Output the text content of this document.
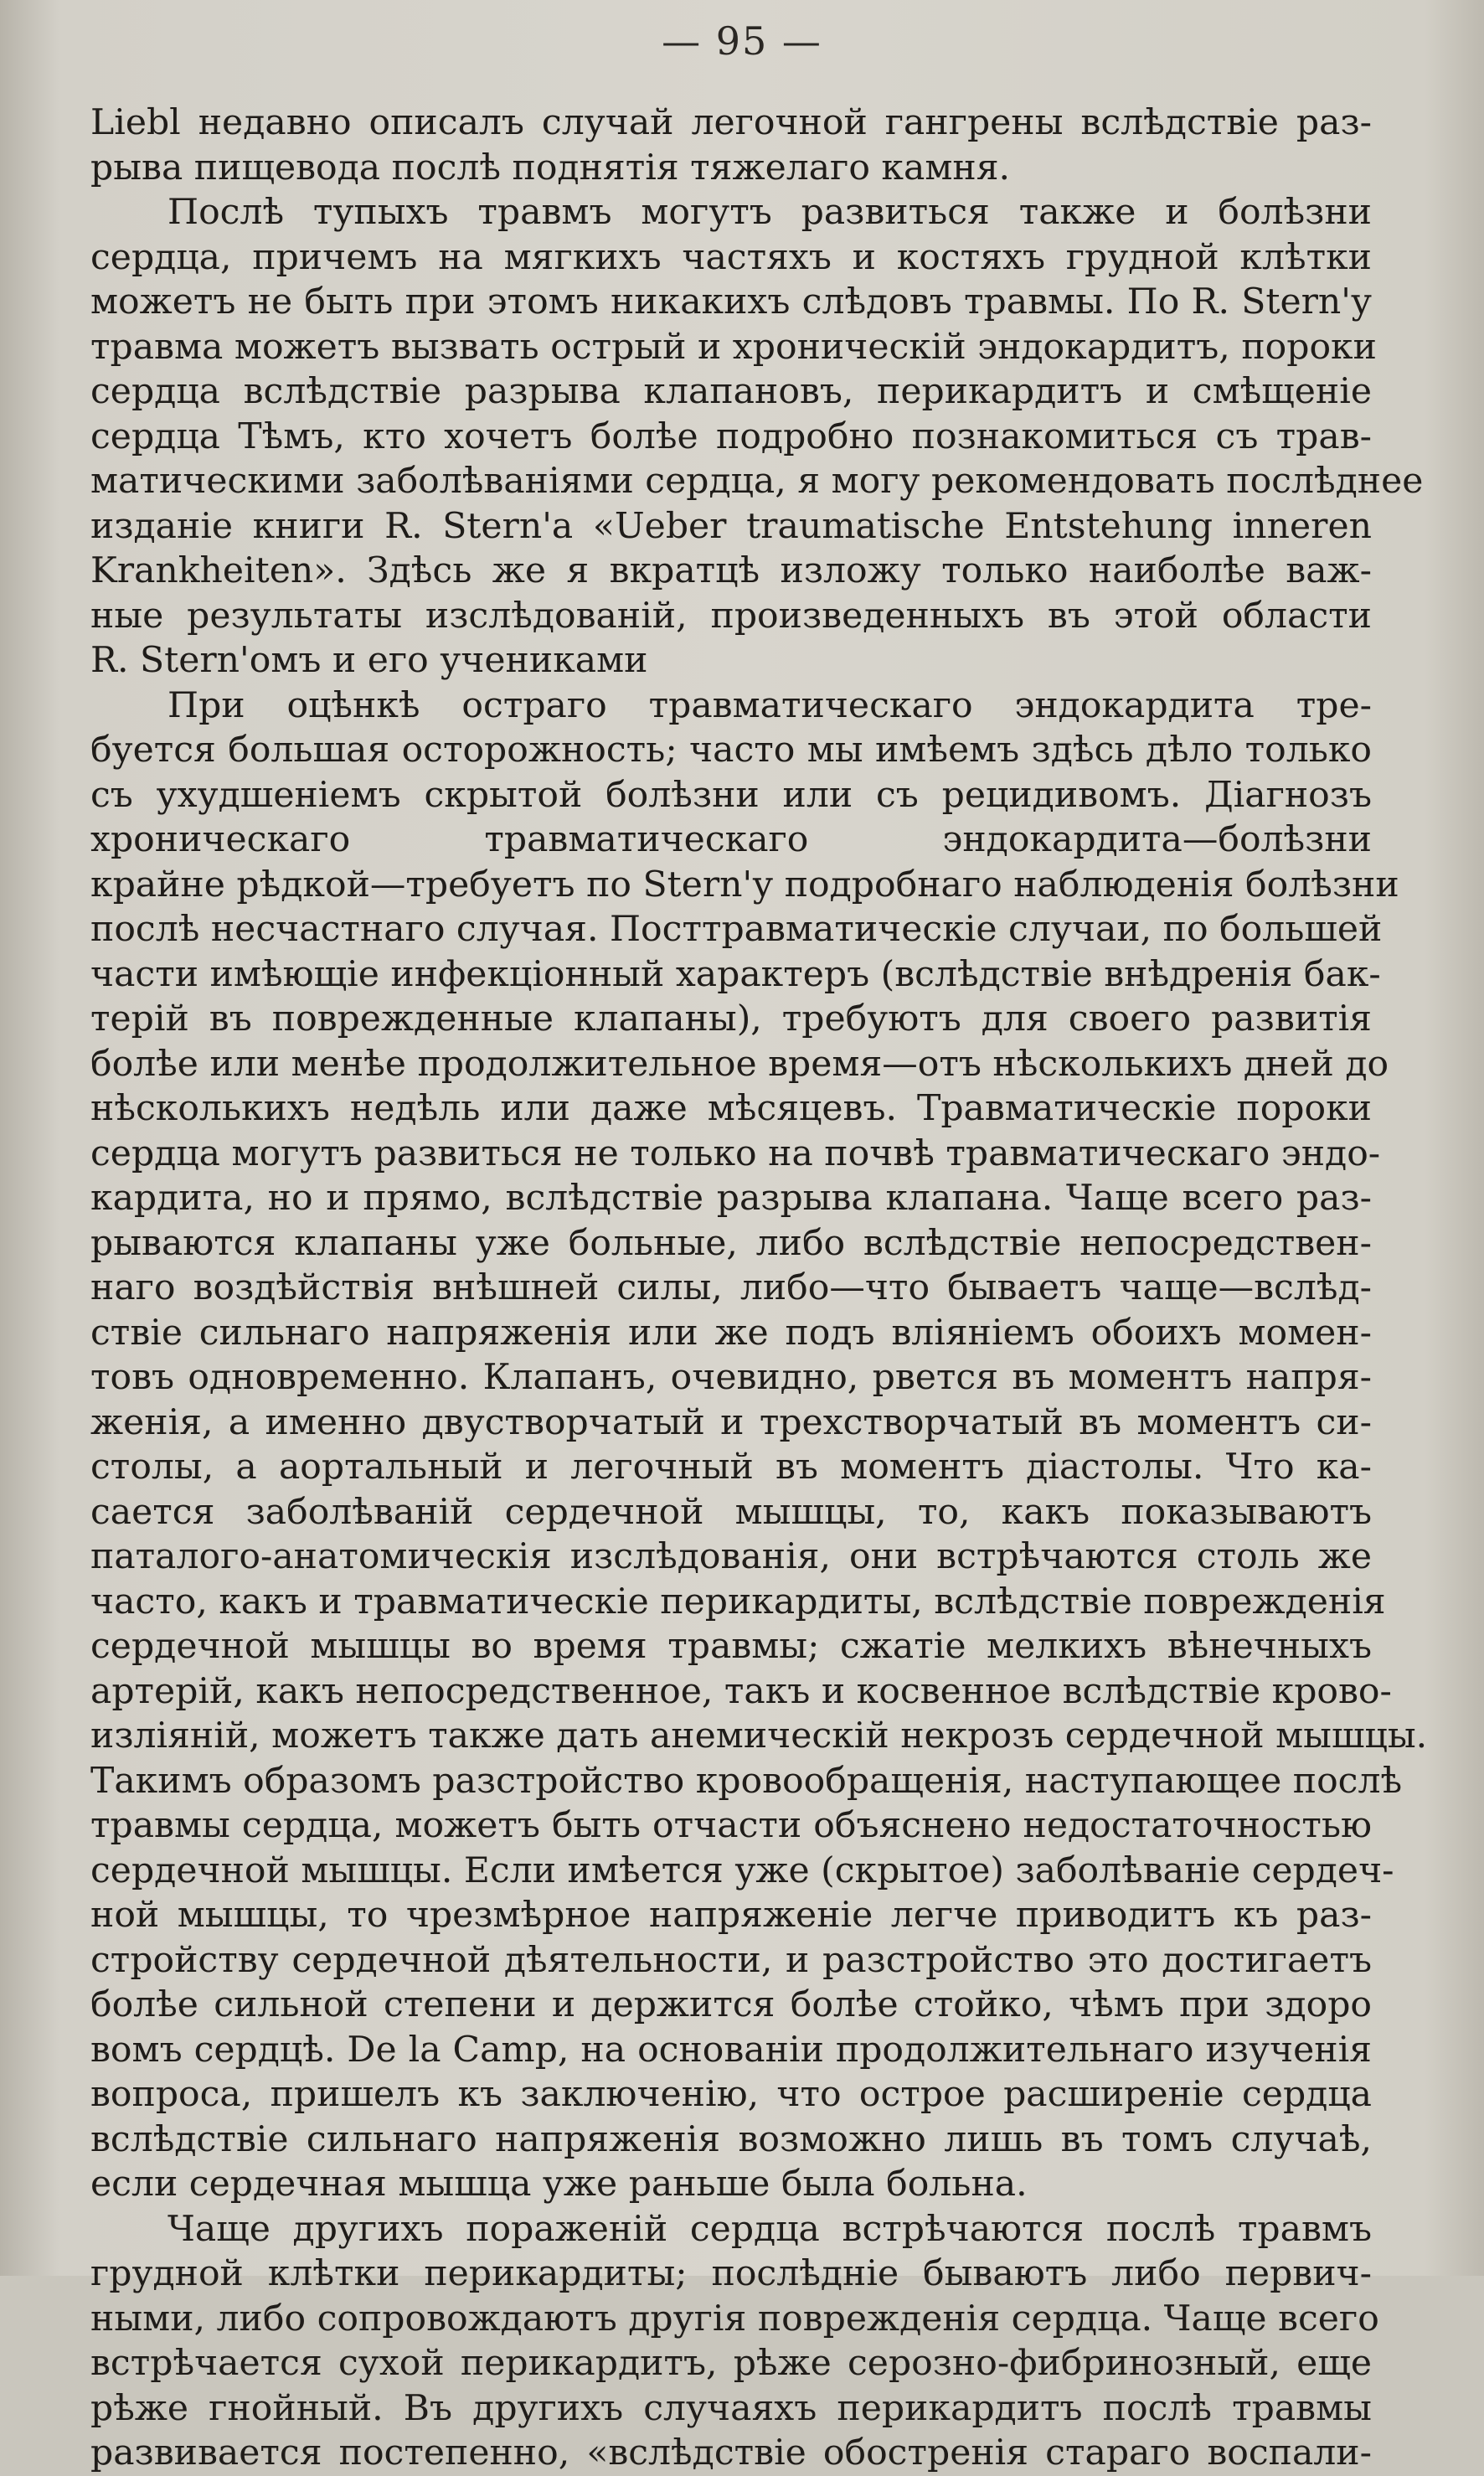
— 95 —
Liebl недавно описалъ случай легочной гангрены вслѣдствіе раз-
рыва пищевода послѣ поднятія тяжелаго камня.
Послѣ тупыхъ травмъ могутъ развиться также и болѣзни
сердца, причемъ на мягкихъ частяхъ и костяхъ грудной клѣтки
можетъ не быть при этомъ никакихъ слѣдовъ травмы. По R. Stern'у
травма можетъ вызвать острый и хроническій эндокардитъ, пороки
сердца вслѣдствіе разрыва клапановъ, перикардитъ и смѣщеніе
сердца Тѣмъ, кто хочетъ болѣе подробно познакомиться съ трав-
матическими заболѣваніями сердца, я могу рекомендовать послѣднее
изданіе книги R. Stern'a «Ueber traumatische Entstehung inneren
Krankheiten». Здѣсь же я вкратцѣ изложу только наиболѣе важ-
ные результаты изслѣдованій, произведенныхъ въ этой области
R. Stern'омъ и его учениками
При оцѣнкѣ остраго травматическаго эндокардита тре-
буется большая осторожность; часто мы имѣемъ здѣсь дѣло только
съ ухудшеніемъ скрытой болѣзни или съ рецидивомъ. Діагнозъ
хроническаго травматическаго эндокардита—болѣзни
крайне рѣдкой—требуетъ по Stern'у подробнаго наблюденія болѣзни
послѣ несчастнаго случая. Посттравматическіе случаи, по большей
части имѣющіе инфекціонный характеръ (вслѣдствіе внѣдренія бак-
терій въ поврежденные клапаны), требуютъ для своего развитія
болѣе или менѣе продолжительное время—отъ нѣсколькихъ дней до
нѣсколькихъ недѣль или даже мѣсяцевъ. Травматическіе пороки
сердца могутъ развиться не только на почвѣ травматическаго эндо-
кардита, но и прямо, вслѣдствіе разрыва клапана. Чаще всего раз-
рываются клапаны уже больные, либо вслѣдствіе непосредствен-
наго воздѣйствія внѣшней силы, либо—что бываетъ чаще—вслѣд-
ствіе сильнаго напряженія или же подъ вліяніемъ обоихъ момен-
товъ одновременно. Клапанъ, очевидно, рвется въ моментъ напря-
женія, а именно двустворчатый и трехстворчатый въ моментъ си-
столы, а аортальный и легочный въ моментъ діастолы. Что ка-
сается заболѣваній сердечной мышцы, то, какъ показываютъ
паталого-анатомическія изслѣдованія, они встрѣчаются столь же
часто, какъ и травматическіе перикардиты, вслѣдствіе поврежденія
сердечной мышцы во время травмы; сжатіе мелкихъ вѣнечныхъ
артерій, какъ непосредственное, такъ и косвенное вслѣдствіе крово-
изліяній, можетъ также дать анемическій некрозъ сердечной мышцы.
Такимъ образомъ разстройство кровообращенія, наступающее послѣ
травмы сердца, можетъ быть отчасти объяснено недостаточностью
сердечной мышцы. Если имѣется уже (скрытое) заболѣваніе сердеч-
ной мышцы, то чрезмѣрное напряженіе легче приводитъ къ раз-
стройству сердечной дѣятельности, и разстройство это достигаетъ
болѣе сильной степени и держится болѣе стойко, чѣмъ при здоро
вомъ сердцѣ. De la Camp, на основаніи продолжительнаго изученія
вопроса, пришелъ къ заключенію, что острое расширеніе сердца
вслѣдствіе сильнаго напряженія возможно лишь въ томъ случаѣ,
если сердечная мышца уже раньше была больна.
Чаще другихъ пораженій сердца встрѣчаются послѣ травмъ
грудной клѣтки перикардиты; послѣдніе бываютъ либо первич-
ными, либо сопровождаютъ другія поврежденія сердца. Чаще всего
встрѣчается сухой перикардитъ, рѣже серозно-фибринозный, еще
рѣже гнойный. Въ другихъ случаяхъ перикардитъ послѣ травмы
развивается постепенно, «вслѣдствіе обостренія стараго воспали-
